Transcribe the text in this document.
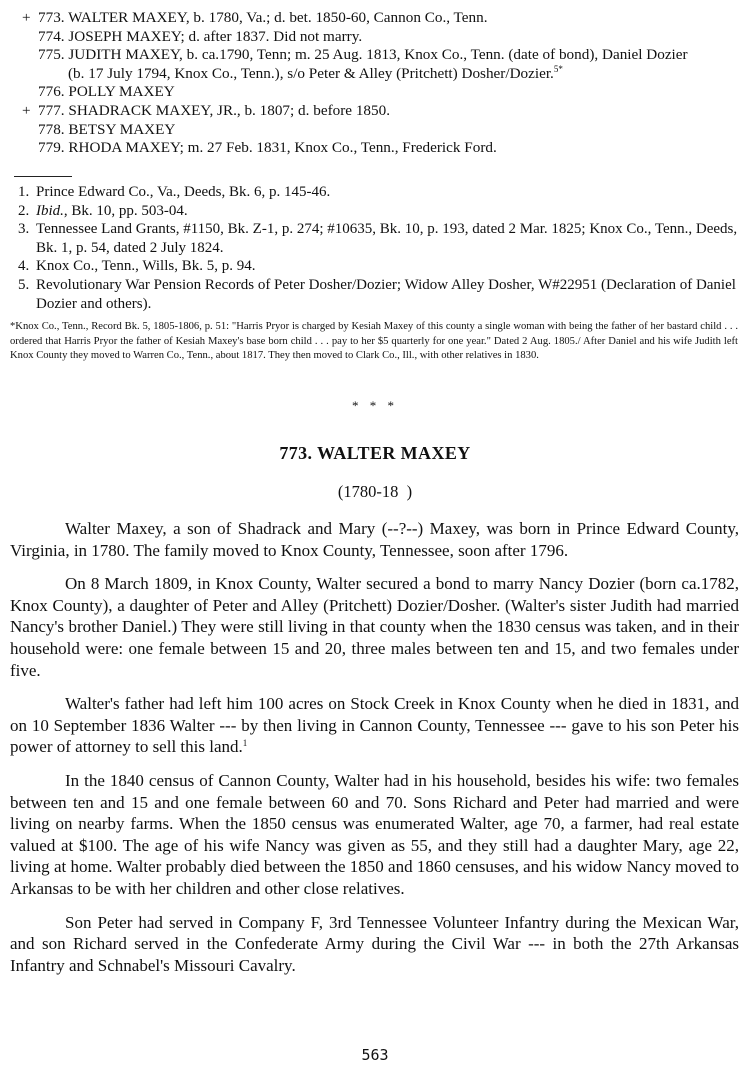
+ 773. WALTER MAXEY, b. 1780, Va.; d. bet. 1850-60, Cannon Co., Tenn.
774. JOSEPH MAXEY; d. after 1837. Did not marry.
775. JUDITH MAXEY, b. ca.1790, Tenn; m. 25 Aug. 1813, Knox Co., Tenn. (date of bond), Daniel Dozier
(b. 17 July 1794, Knox Co., Tenn.), s/o Peter & Alley (Pritchett) Dosher/Dozier.$^{5*}$
776. POLLY MAXEY
+ 777. SHADRACK MAXEY, JR., b. 1807; d. before 1850.
778. BETSY MAXEY
779. RHODA MAXEY; m. 27 Feb. 1831, Knox Co., Tenn., Frederick Ford.
1. Prince Edward Co., Va., Deeds, Bk. 6, p. 145-46.
2. Ibid., Bk. 10, pp. 503-04.
3. Tennessee Land Grants, #1150, Bk. Z-1, p. 274; #10635, Bk. 10, p. 193, dated 2 Mar. 1825; Knox Co., Tenn., Deeds, Bk. 1, p. 54, dated 2 July 1824.
4. Knox Co., Tenn., Wills, Bk. 5, p. 94.
5. Revolutionary War Pension Records of Peter Dosher/Dozier; Widow Alley Dosher, W#22951 (Declaration of Daniel Dozier and others).
*Knox Co., Tenn., Record Bk. 5, 1805-1806, p. 51: "Harris Pryor is charged by Kesiah Maxey of this county a single woman with being the father of her bastard child . . . ordered that Harris Pryor the father of Kesiah Maxey's base born child . . . pay to her $5 quarterly for one year." Dated 2 Aug. 1805./ After Daniel and his wife Judith left Knox County they moved to Warren Co., Tenn., about 1817. They then moved to Clark Co., Ill., with other relatives in 1830.
* * *
773. WALTER MAXEY
(1780-18  )

Walter Maxey, a son of Shadrack and Mary (--?--) Maxey, was born in Prince Edward County, Virginia, in 1780. The family moved to Knox County, Tennessee, soon after 1796.

On 8 March 1809, in Knox County, Walter secured a bond to marry Nancy Dozier (born ca.1782, Knox County), a daughter of Peter and Alley (Pritchett) Dozier/Dosher. (Walter's sister Judith had married Nancy's brother Daniel.) They were still living in that county when the 1830 census was taken, and in their household were: one female between 15 and 20, three males between ten and 15, and two females under five.

Walter's father had left him 100 acres on Stock Creek in Knox County when he died in 1831, and on 10 September 1836 Walter --- by then living in Cannon County, Tennessee --- gave to his son Peter his power of attorney to sell this land.$^1$

In the 1840 census of Cannon County, Walter had in his household, besides his wife: two females between ten and 15 and one female between 60 and 70. Sons Richard and Peter had married and were living on nearby farms. When the 1850 census was enumerated Walter, age 70, a farmer, had real estate valued at $100. The age of his wife Nancy was given as 55, and they still had a daughter Mary, age 22, living at home. Walter probably died between the 1850 and 1860 censuses, and his widow Nancy moved to Arkansas to be with her children and other close relatives.

Son Peter had served in Company F, 3rd Tennessee Volunteer Infantry during the Mexican War, and son Richard served in the Confederate Army during the Civil War --- in both the 27th Arkansas Infantry and Schnabel's Missouri Cavalry.

563
